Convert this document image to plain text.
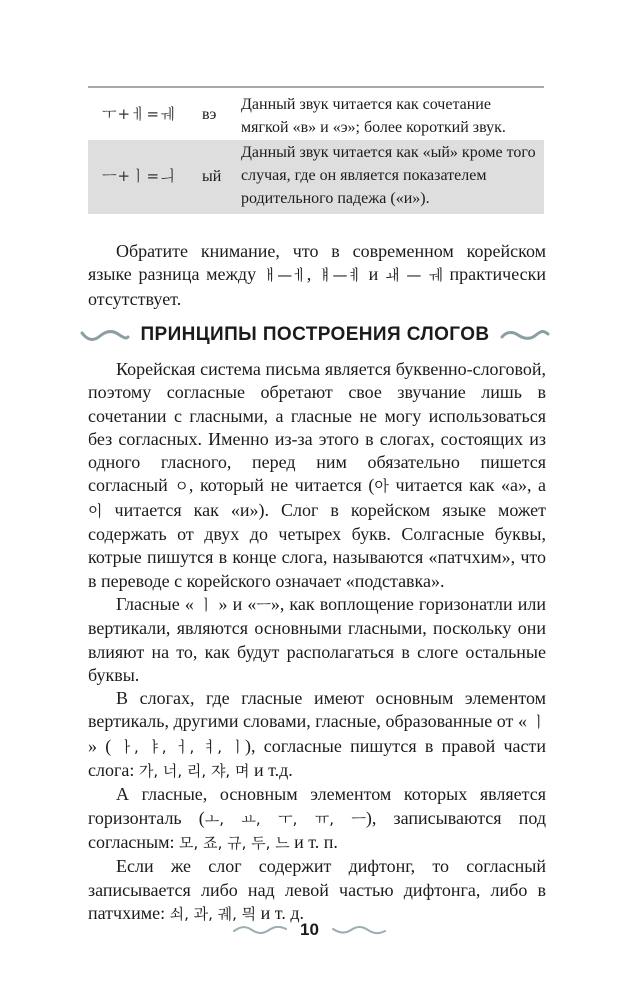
ㅜ+ㅔ=ㅞ вэ
Данный звук читается как сочетание мягкой «в» и «э»; более короткий звук.
ㅡ+ㅣ=ㅢ ый
Данный звук читается как «ый» кроме того случая, где он является показателем родительного падежа («и»).
Обратите книмание, что в современном корейском языке разница между ㅐ—ㅔ, ㅒ—ㅖ и ㅙ — ㅞ практически отсутствует.
ПРИНЦИПЫ ПОСТРОЕНИЯ СЛОГОВ

Корейская система письма является буквенно-слоговой, поэтому согласные обретают свое звучание лишь в сочетании с гласными, а гласные не могу использоваться без согласных. Именно из-за этого в слогах, состоящих из одного гласного, перед ним обязательно пишется согласный ㅇ, который не читается (아 читается как «а», а 이 читается как «и»). Слог в корейском языке может содержать от двух до четырех букв. Солгасные буквы, котрые пишутся в конце слога, называются «патчхим», что в переводе с корейского означает «подставка».

Гласные « ㅣ » и «ㅡ», как воплощение горизонатли или вертикали, являются основными гласными, поскольку они влияют на то, как будут располагаться в слоге остальные буквы.

В слогах, где гласные имеют основным элементом вертикаль, другими словами, гласные, образованные от « ㅣ » ( ㅏ, ㅑ, ㅓ, ㅕ, ㅣ), согласные пишутся в правой части слога: 가, 너, 리, 쟈, 며 и т.д.

А гласные, основным элементом которых является горизонталь (ㅗ, ㅛ, ㅜ, ㅠ, ㅡ), записываются под согласным: 모, 죠, 규, 두, 느 и т. п.

Если же слог содержит дифтонг, то согласный записывается либо над левой частью дифтонга, либо в патчхиме: 쇠, 과, 궤, 믝 и т. д.

10
